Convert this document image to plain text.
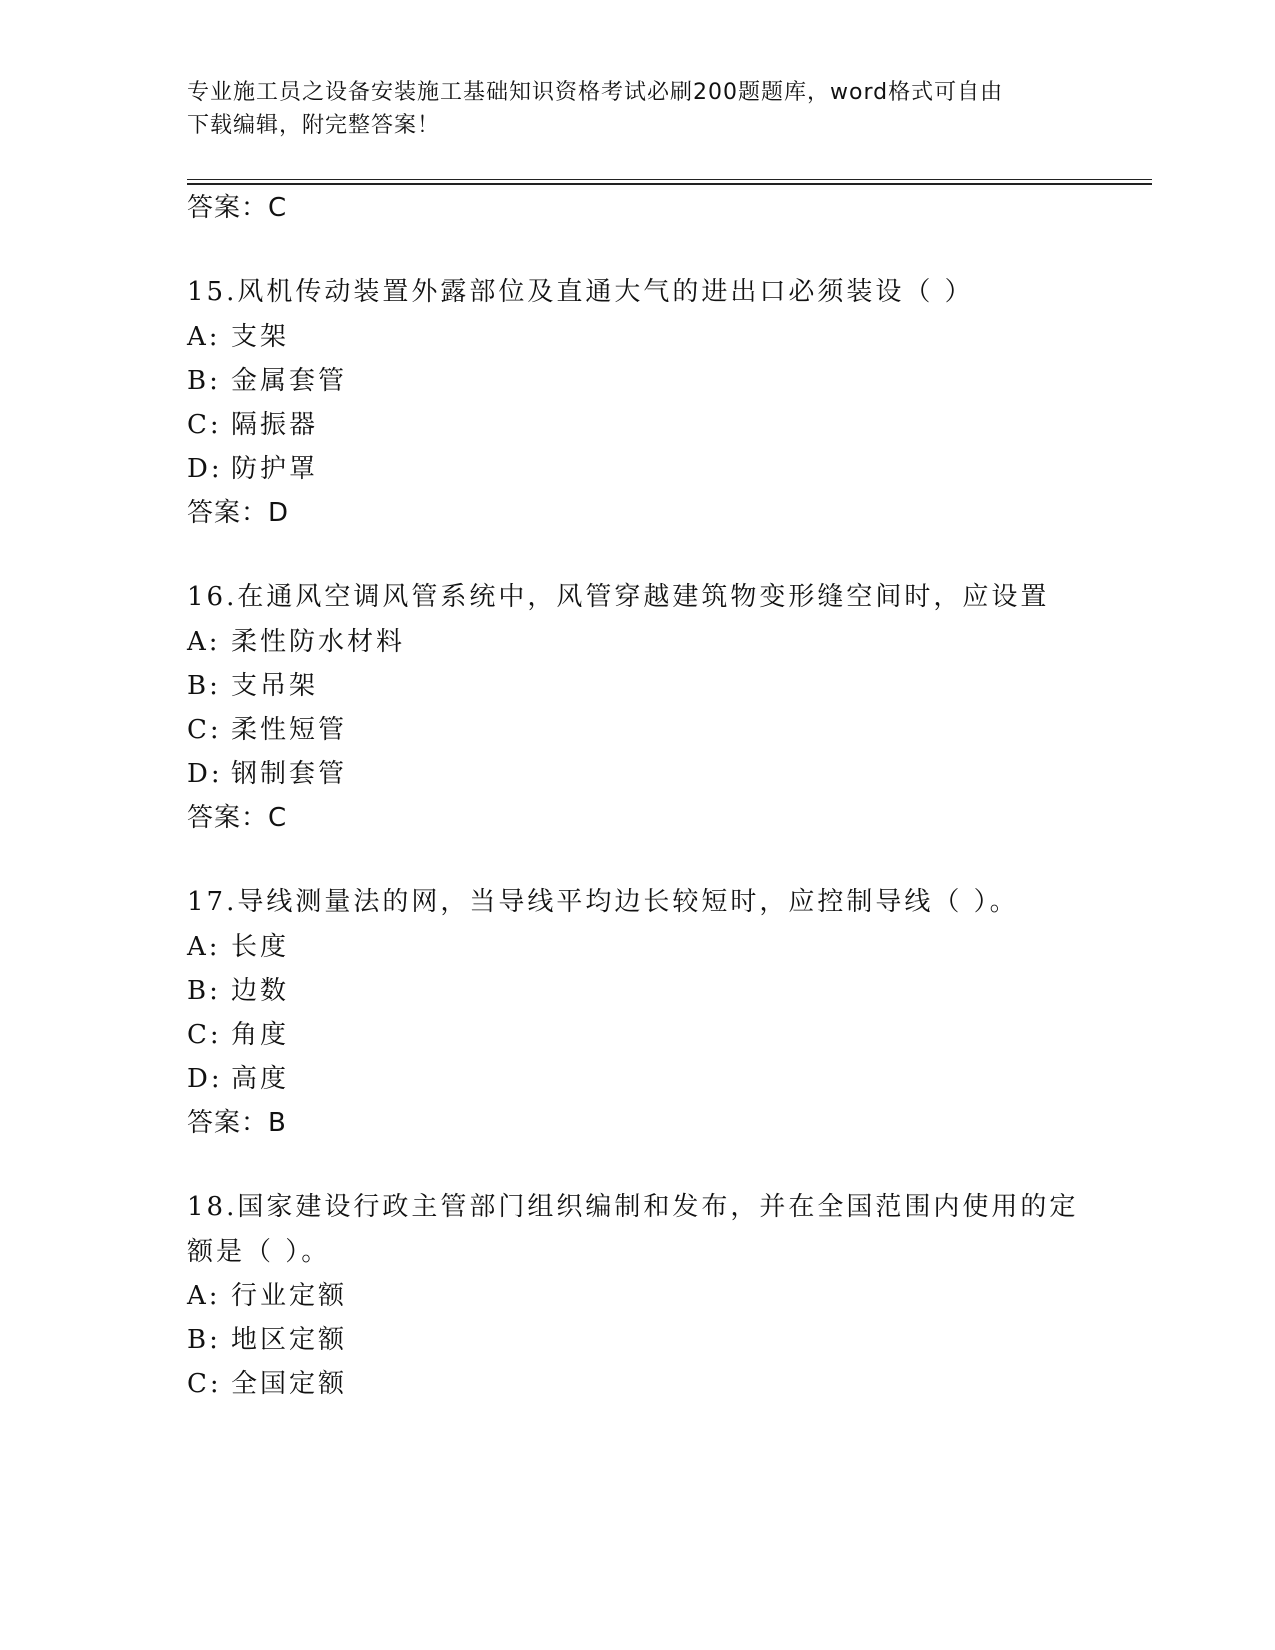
专业施工员之设备安装施工基础知识资格考试必刷200题题库，word格式可自由
下载编辑，附完整答案！
答案：C
15.风机传动装置外露部位及直通大气的进出口必须装设（ ）
A: 支架
B: 金属套管
C: 隔振器
D: 防护罩
答案：D
16.在通风空调风管系统中，风管穿越建筑物变形缝空间时，应设置
A: 柔性防水材料
B: 支吊架
C: 柔性短管
D: 钢制套管
答案：C
17.导线测量法的网，当导线平均边长较短时，应控制导线（ ）。
A: 长度
B: 边数
C: 角度
D: 高度
答案：B
18.国家建设行政主管部门组织编制和发布，并在全国范围内使用的定
额是（ ）。
A: 行业定额
B: 地区定额
C: 全国定额
